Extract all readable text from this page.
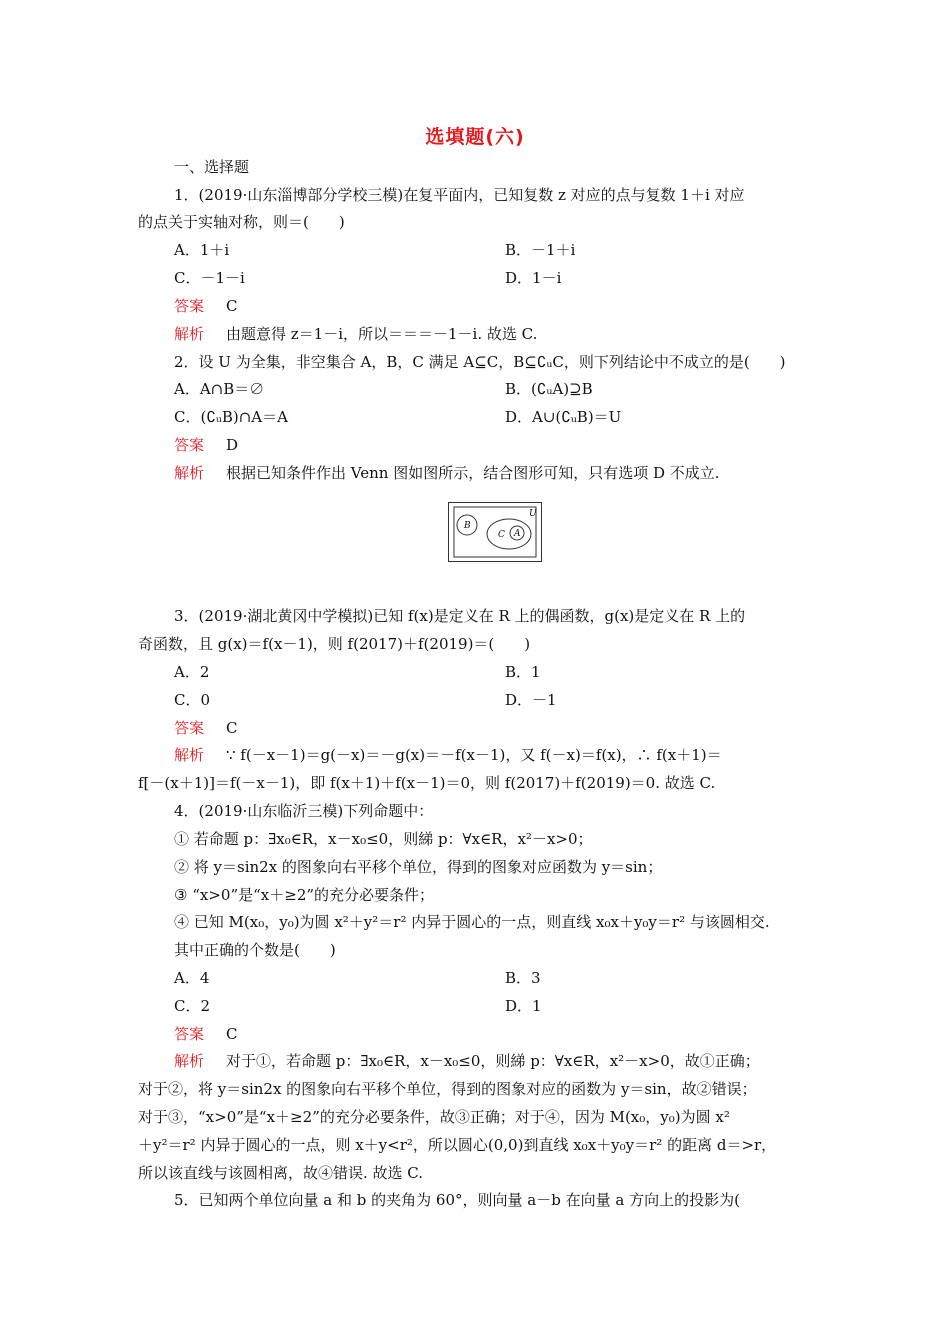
选填题(六)
一、选择题
1．(2019·山东淄博部分学校三模)在复平面内，已知复数 z 对应的点与复数 1＋i 对应
的点关于实轴对称，则＝(　　)
A．1＋i	B．－1＋i
C．－1－i	D．1－i
答案 C
解析 由题意得 z＝1－i，所以＝＝＝－1－i. 故选 C.
2．设 U 为全集，非空集合 A，B，C 满足 A⊆C，B⊆∁ᵤC，则下列结论中不成立的是(　　)
A．A∩B＝∅	B．(∁ᵤA)⊇B
C．(∁ᵤB)∩A＝A	D．A∪(∁ᵤB)＝U
答案 D
解析 根据已知条件作出 Venn 图如图所示，结合图形可知，只有选项 D 不成立.
U
B
C A
3．(2019·湖北黄冈中学模拟)已知 f(x)是定义在 R 上的偶函数，g(x)是定义在 R 上的
奇函数，且 g(x)＝f(x－1)，则 f(2017)＋f(2019)＝(　　)
A．2	B．1
C．0	D．－1
答案 C
解析 ∵ f(－x－1)＝g(－x)＝－g(x)＝－f(x－1)，又 f(－x)＝f(x)，∴ f(x＋1)＝
f[－(x＋1)]＝f(－x－1)，即 f(x＋1)＋f(x－1)＝0，则 f(2017)＋f(2019)＝0. 故选 C.
4．(2019·山东临沂三模)下列命题中：
① 若命题 p：∃x₀∈R，x－x₀≤0，则綈 p：∀x∈R，x²－x>0；
② 将 y＝sin2x 的图象向右平移个单位，得到的图象对应函数为 y＝sin；
③ “x>0”是“x＋≥2”的充分必要条件；
④ 已知 M(x₀，y₀)为圆 x²＋y²＝r² 内异于圆心的一点，则直线 x₀x＋y₀y＝r² 与该圆相交.
其中正确的个数是(　　)
A．4	B．3
C．2	D．1
答案 C
解析 对于①，若命题 p：∃x₀∈R，x－x₀≤0，则綈 p：∀x∈R，x²－x>0，故①正确；
对于②，将 y＝sin2x 的图象向右平移个单位，得到的图象对应的函数为 y＝sin，故②错误；
对于③，“x>0”是“x＋≥2”的充分必要条件，故③正确；对于④，因为 M(x₀，y₀)为圆 x²
＋y²＝r² 内异于圆心的一点，则 x＋y<r²，所以圆心(0,0)到直线 x₀x＋y₀y＝r² 的距离 d＝>r，
所以该直线与该圆相离，故④错误. 故选 C.
5．已知两个单位向量 a 和 b 的夹角为 60°，则向量 a－b 在向量 a 方向上的投影为(
